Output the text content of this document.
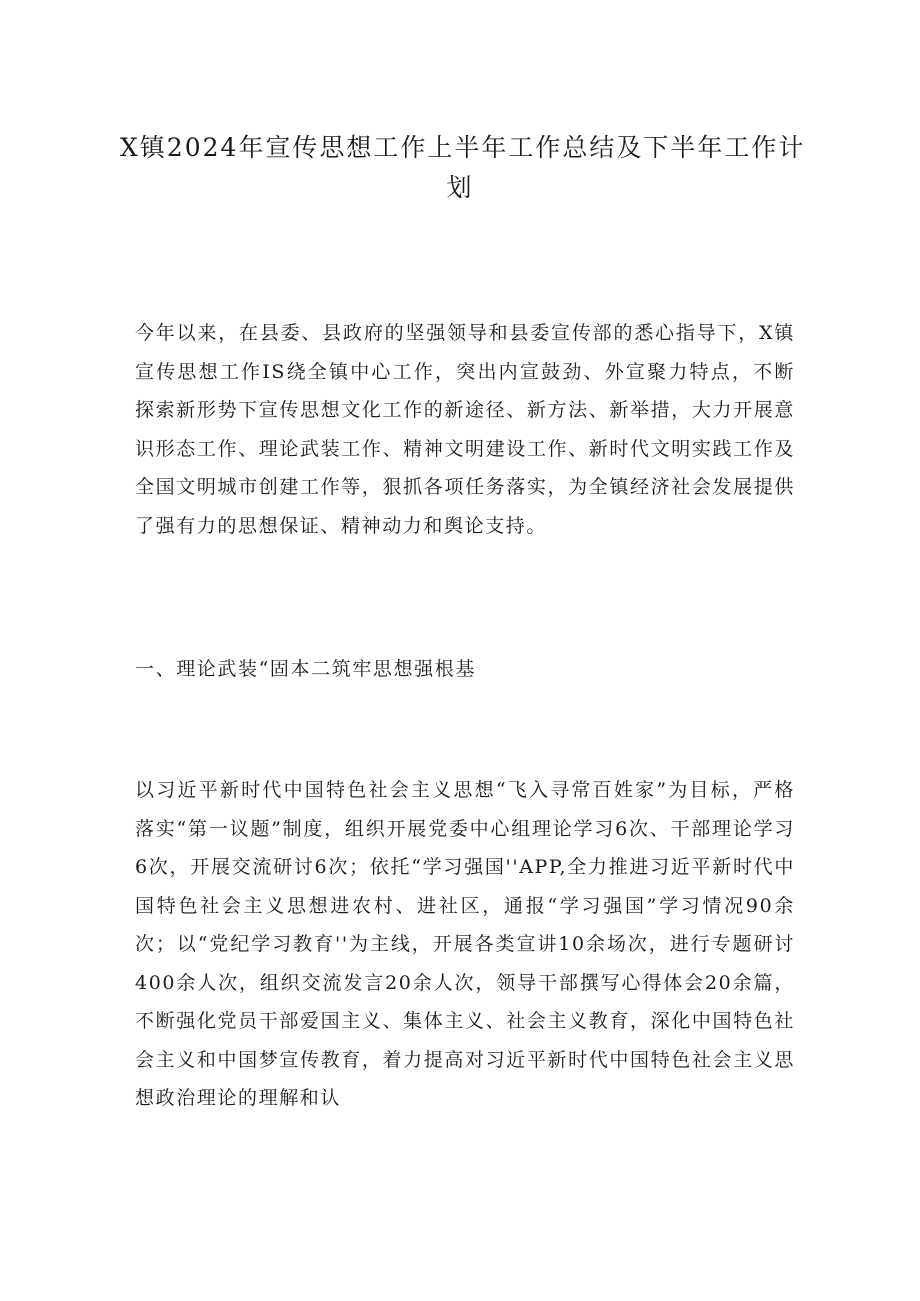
X镇2024年宣传思想工作上半年工作总结及下半年工作计
划

今年以来，在县委、县政府的坚强领导和县委宣传部的悉心指导下，X镇宣传思想工作IS绕全镇中心工作，突出内宣鼓劲、外宣聚力特点，不断探索新形势下宣传思想文化工作的新途径、新方法、新举措，大力开展意识形态工作、理论武装工作、精神文明建设工作、新时代文明实践工作及全国文明城市创建工作等，狠抓各项任务落实，为全镇经济社会发展提供了强有力的思想保证、精神动力和舆论支持。

一、理论武装“固本二筑牢思想强根基

以习近平新时代中国特色社会主义思想“飞入寻常百姓家”为目标，严格落实“第一议题”制度，组织开展党委中心组理论学习6次、干部理论学习6次，开展交流研讨6次；依托“学习强国''APP,全力推进习近平新时代中国特色社会主义思想进农村、进社区，通报“学习强国”学习情况90余次；以“党纪学习教育''为主线，开展各类宣讲10余场次，进行专题研讨400余人次，组织交流发言20余人次，领导干部撰写心得体会20余篇，不断强化党员干部爱国主义、集体主义、社会主义教育，深化中国特色社会主义和中国梦宣传教育，着力提高对习近平新时代中国特色社会主义思想政治理论的理解和认
